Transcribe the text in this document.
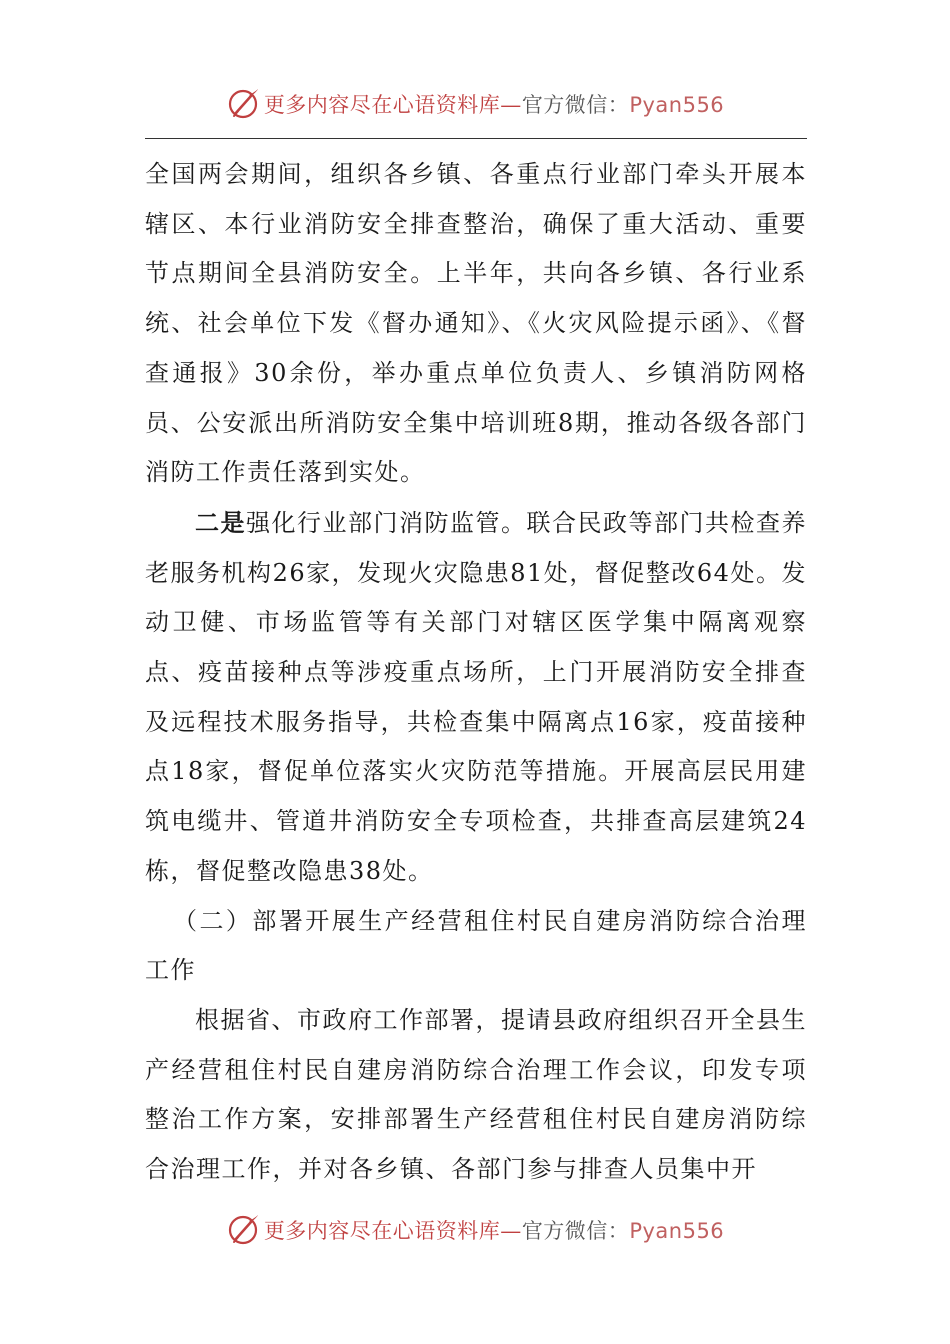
更多内容尽在心语资料库—官方微信：Pyan556

全国两会期间，组织各乡镇、各重点行业部门牵头开展本辖区、本行业消防安全排查整治，确保了重大活动、重要节点期间全县消防安全。上半年，共向各乡镇、各行业系统、社会单位下发《督办通知》、《火灾风险提示函》、《督查通报》30余份，举办重点单位负责人、乡镇消防网格员、公安派出所消防安全集中培训班8期，推动各级各部门消防工作责任落到实处。

二是强化行业部门消防监管。联合民政等部门共检查养老服务机构26家，发现火灾隐患81处，督促整改64处。发动卫健、市场监管等有关部门对辖区医学集中隔离观察点、疫苗接种点等涉疫重点场所，上门开展消防安全排查及远程技术服务指导，共检查集中隔离点16家，疫苗接种点18家，督促单位落实火灾防范等措施。开展高层民用建筑电缆井、管道井消防安全专项检查，共排查高层建筑24栋，督促整改隐患38处。

（二）部署开展生产经营租住村民自建房消防综合治理工作

根据省、市政府工作部署，提请县政府组织召开全县生产经营租住村民自建房消防综合治理工作会议，印发专项整治工作方案，安排部署生产经营租住村民自建房消防综合治理工作，并对各乡镇、各部门参与排查人员集中开

更多内容尽在心语资料库—官方微信：Pyan556
